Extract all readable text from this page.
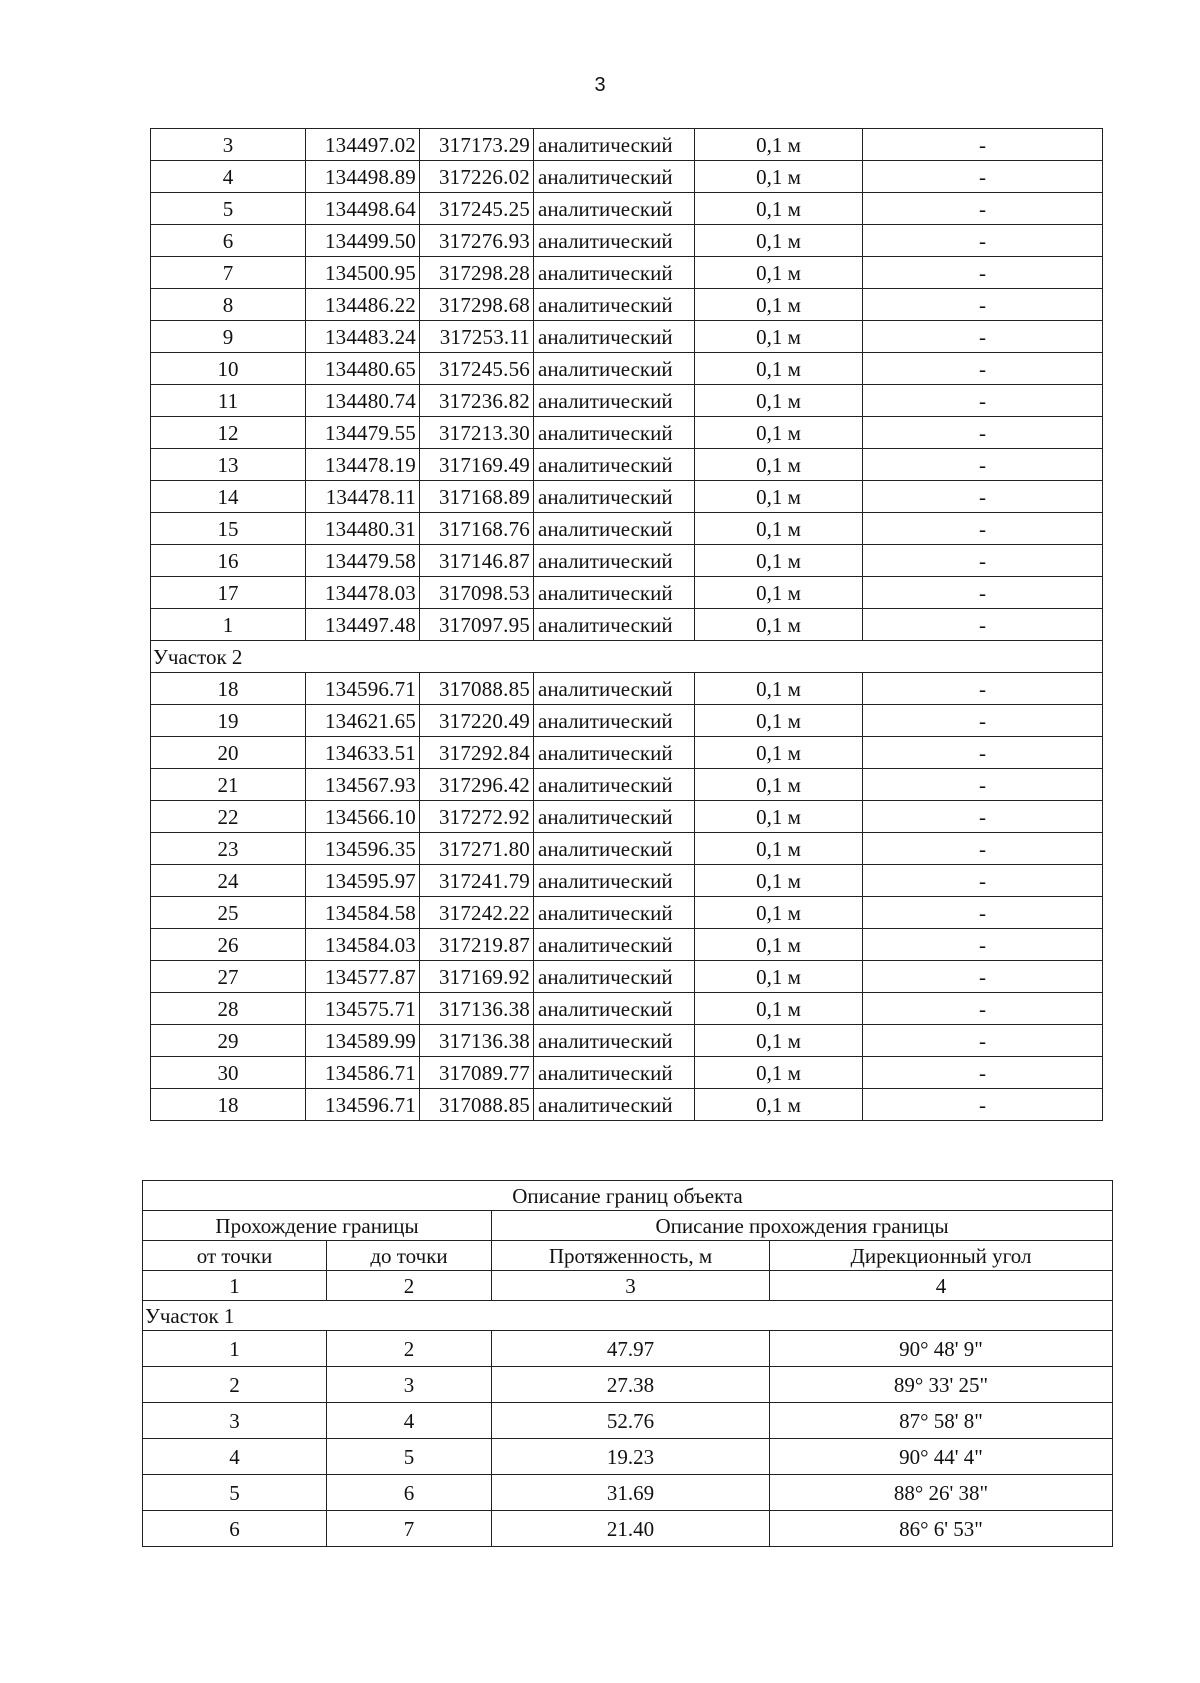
3
3	134497.02	317173.29	аналитический	0,1 м	-
4	134498.89	317226.02	аналитический	0,1 м	-
5	134498.64	317245.25	аналитический	0,1 м	-
6	134499.50	317276.93	аналитический	0,1 м	-
7	134500.95	317298.28	аналитический	0,1 м	-
8	134486.22	317298.68	аналитический	0,1 м	-
9	134483.24	317253.11	аналитический	0,1 м	-
10	134480.65	317245.56	аналитический	0,1 м	-
11	134480.74	317236.82	аналитический	0,1 м	-
12	134479.55	317213.30	аналитический	0,1 м	-
13	134478.19	317169.49	аналитический	0,1 м	-
14	134478.11	317168.89	аналитический	0,1 м	-
15	134480.31	317168.76	аналитический	0,1 м	-
16	134479.58	317146.87	аналитический	0,1 м	-
17	134478.03	317098.53	аналитический	0,1 м	-
1	134497.48	317097.95	аналитический	0,1 м	-
Участок 2					
18	134596.71	317088.85	аналитический	0,1 м	-
19	134621.65	317220.49	аналитический	0,1 м	-
20	134633.51	317292.84	аналитический	0,1 м	-
21	134567.93	317296.42	аналитический	0,1 м	-
22	134566.10	317272.92	аналитический	0,1 м	-
23	134596.35	317271.80	аналитический	0,1 м	-
24	134595.97	317241.79	аналитический	0,1 м	-
25	134584.58	317242.22	аналитический	0,1 м	-
26	134584.03	317219.87	аналитический	0,1 м	-
27	134577.87	317169.92	аналитический	0,1 м	-
28	134575.71	317136.38	аналитический	0,1 м	-
29	134589.99	317136.38	аналитический	0,1 м	-
30	134586.71	317089.77	аналитический	0,1 м	-
18	134596.71	317088.85	аналитический	0,1 м	-
Описание границ объекта			
Прохождение границы		Описание прохождения границы	
от точки	до точки	Протяженность, м	Дирекционный угол
1	2	3	4
Участок 1			
1	2	47.97	90° 48' 9"
2	3	27.38	89° 33' 25"
3	4	52.76	87° 58' 8"
4	5	19.23	90° 44' 4"
5	6	31.69	88° 26' 38"
6	7	21.40	86° 6' 53"
